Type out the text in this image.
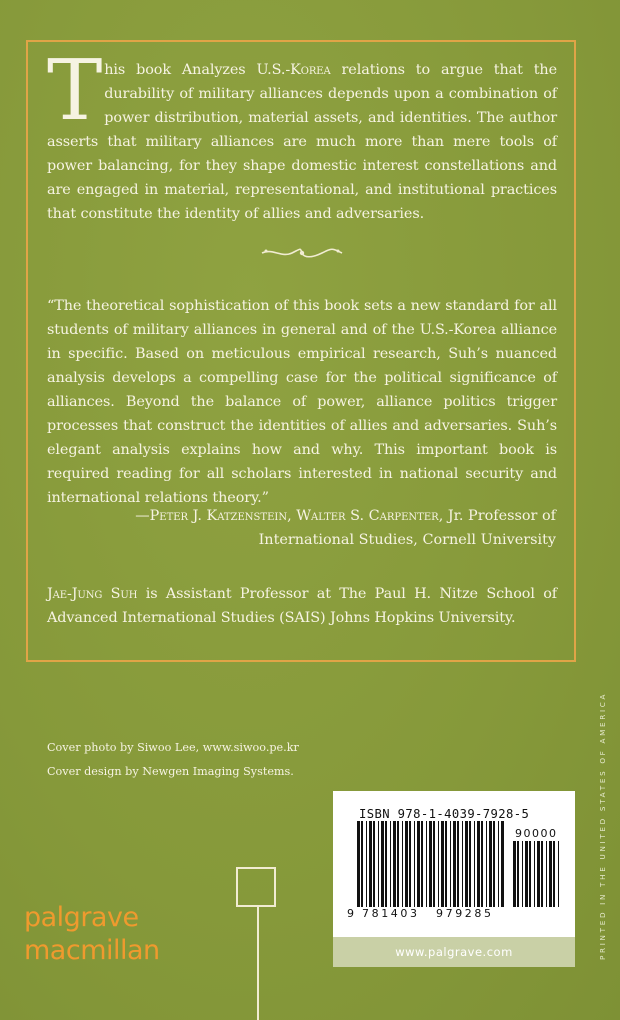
This book Analyzes U.S.-Korea relations to argue that the durability of military alliances depends upon a combination of power distribution, material assets, and identities. The author asserts that military alliances are much more than mere tools of power balancing, for they shape domestic interest constellations and are engaged in material, representational, and institutional practices that constitute the identity of allies and adversaries.
“The theoretical sophistication of this book sets a new standard for all students of military alliances in general and of the U.S.-Korea alliance in specific. Based on meticulous empirical research, Suh’s nuanced analysis develops a compelling case for the political significance of alliances. Beyond the balance of power, alliance politics trigger processes that construct the identities of allies and adversaries. Suh’s elegant analysis explains how and why. This important book is required reading for all scholars interested in national security and international relations theory.”
—Peter J. Katzenstein, Walter S. Carpenter, Jr. Professor of
International Studies, Cornell University
Jae-Jung Suh is Assistant Professor at The Paul H. Nitze School of Advanced International Studies (SAIS) Johns Hopkins University.
Cover photo by Siwoo Lee, www.siwoo.pe.kr
Cover design by Newgen Imaging Systems.	PRINTED IN THE UNITED STATES OF AMERICA
ISBN 978-1-4039-7928-5
9 781403 979285
90000
www.palgrave.com
palgrave
macmillan
